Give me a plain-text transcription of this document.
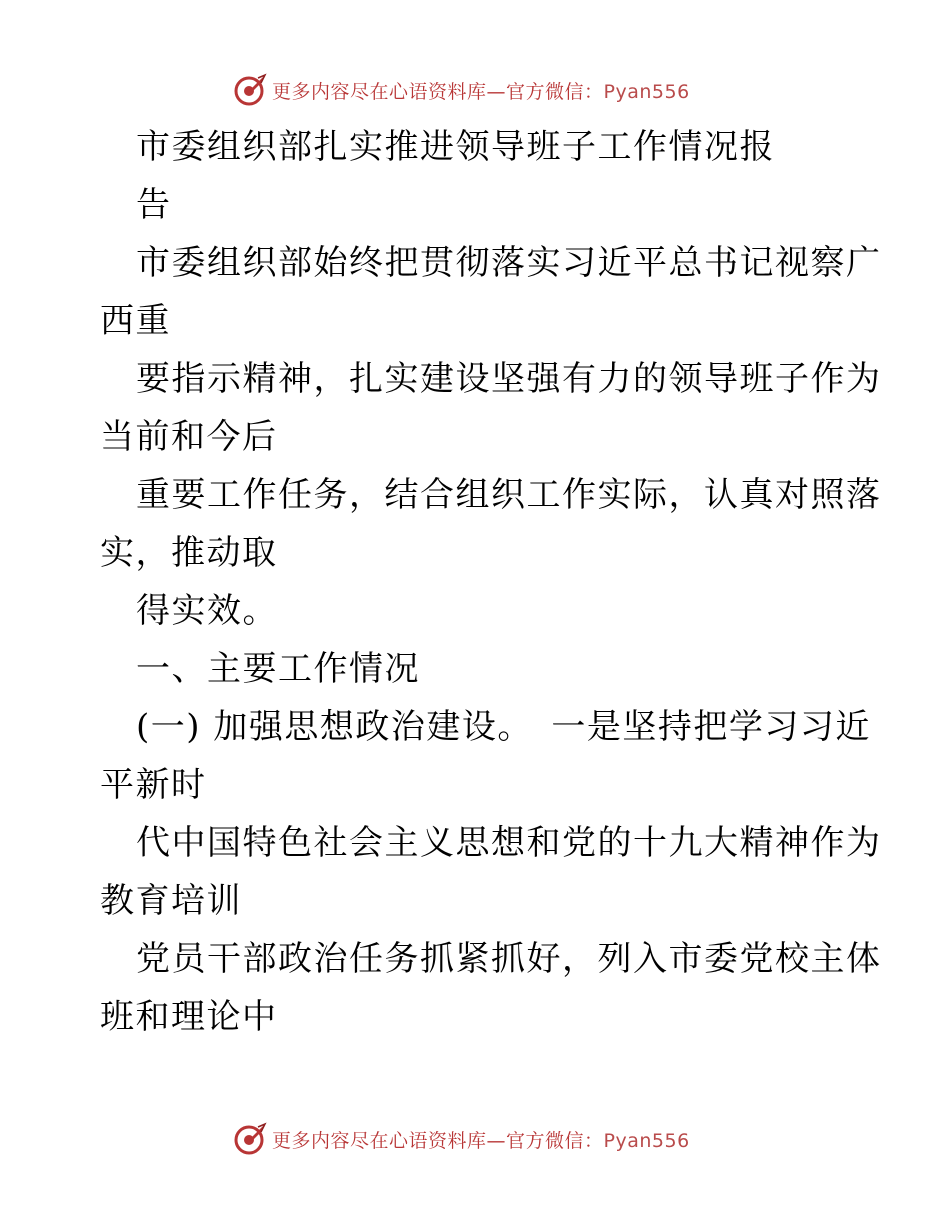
更多内容尽在心语资料库—官方微信：Pyan556
市委组织部扎实推进领导班子工作情况报
告
市委组织部始终把贯彻落实习近平总书记视察广
西重
要指示精神，扎实建设坚强有力的领导班子作为
当前和今后
重要工作任务，结合组织工作实际，认真对照落
实，推动取
得实效。
一、主要工作情况
(一) 加强思想政治建设。　一是坚持把学习习近
平新时
代中国特色社会主义思想和党的十九大精神作为
教育培训
党员干部政治任务抓紧抓好，列入市委党校主体
班和理论中
更多内容尽在心语资料库—官方微信：Pyan556
